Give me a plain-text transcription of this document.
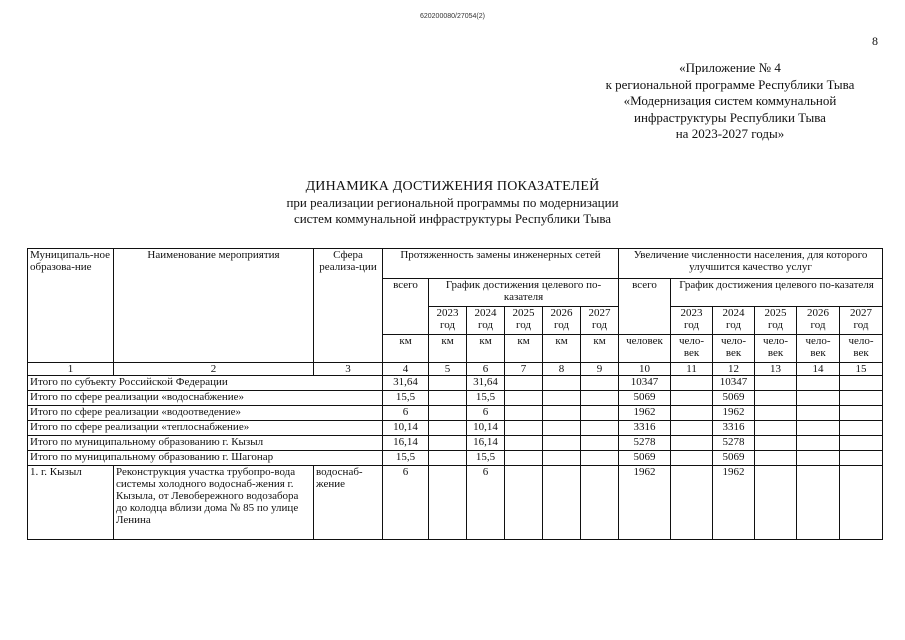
620200080/27054(2)
8
«Приложение № 4
к региональной программе Республики Тыва
«Модернизация систем коммунальной
инфраструктуры Республики Тыва
на 2023-2027 годы»
ДИНАМИКА ДОСТИЖЕНИЯ ПОКАЗАТЕЛЕЙ
при реализации региональной программы по модернизации
систем коммунальной инфраструктуры Республики Тыва
Муниципаль-ное образова-ние	Наименование мероприятия	Сфера реализа-ции	Протяженность замены инженерных сетей						Увеличение численности населения, для которого улучшится качество услуг					
			всего	График достижения целевого по-казателя					всего	График достижения целевого по-казателя				
				2023 год	2024 год	2025 год	2026 год	2027 год		2023 год	2024 год	2025 год	2026 год	2027 год
			км	км	км	км	км	км	человек	чело-век	чело-век	чело-век	чело-век	чело-век
1	2	3	4	5	6	7	8	9	10	11	12	13	14	15
Итого по субъекту Российской Федерации			31,64		31,64				10347		10347			
Итого по сфере реализации «водоснабжение»			15,5		15,5				5069		5069			
Итого по сфере реализации «водоотведение»			6		6				1962		1962			
Итого по сфере реализации «теплоснабжение»			10,14		10,14				3316		3316			
Итого по муниципальному образованию г. Кызыл			16,14		16,14				5278		5278			
Итого по муниципальному образованию г. Шагонар			15,5		15,5				5069		5069			
1. г. Кызыл	Реконструкция участка трубопро-вода системы холодного водоснаб-жения г. Кызыла, от Левобережного водозабора до колодца вблизи дома № 85 по улице Ленина	водоснаб-жение	6		6				1962		1962			
